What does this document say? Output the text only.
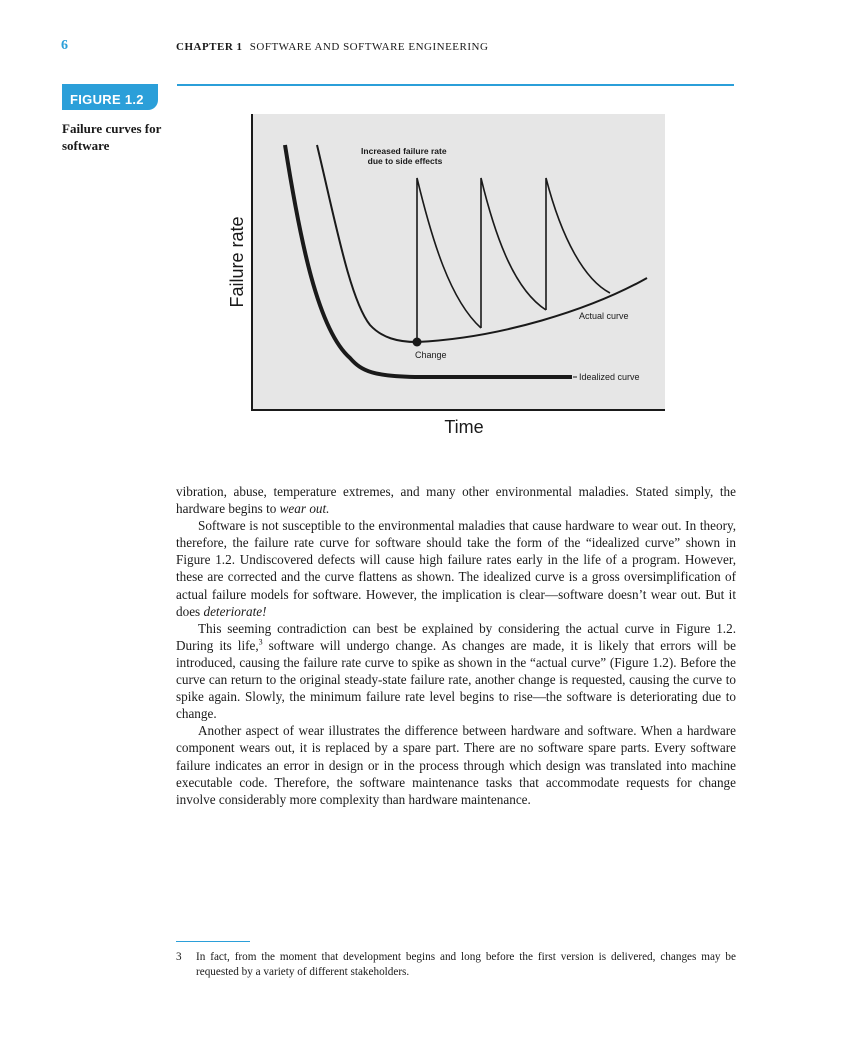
6	CHAPTER 1 SOFTWARE AND SOFTWARE ENGINEERING
FIGURE 1.2
Failure curves for software	Increased failure rate due to side effects
Change
Actual curve
Idealized curve
Time
Failure rate

vibration, abuse, temperature extremes, and many other environmental maladies. Stated simply, the hardware begins to wear out.

Software is not susceptible to the environmental maladies that cause hardware to wear out. In theory, therefore, the failure rate curve for software should take the form of the “idealized curve” shown in Figure 1.2. Undiscovered defects will cause high failure rates early in the life of a program. However, these are corrected and the curve flattens as shown. The idealized curve is a gross oversimplification of actual failure models for software. However, the implication is clear—software doesn’t wear out. But it does deteriorate!

This seeming contradiction can best be explained by considering the actual curve in Figure 1.2. During its life,$^3$ software will undergo change. As changes are made, it is likely that errors will be introduced, causing the failure rate curve to spike as shown in the “actual curve” (Figure 1.2). Before the curve can return to the original steady-state failure rate, another change is requested, causing the curve to spike again. Slowly, the minimum failure rate level begins to rise—the software is deteriorating due to change.

Another aspect of wear illustrates the difference between hardware and software. When a hardware component wears out, it is replaced by a spare part. There are no software spare parts. Every software failure indicates an error in design or in the process through which design was translated into machine executable code. Therefore, the software maintenance tasks that accommodate requests for change involve considerably more complexity than hardware maintenance.

3 In fact, from the moment that development begins and long before the first version is delivered, changes may be requested by a variety of different stakeholders.
